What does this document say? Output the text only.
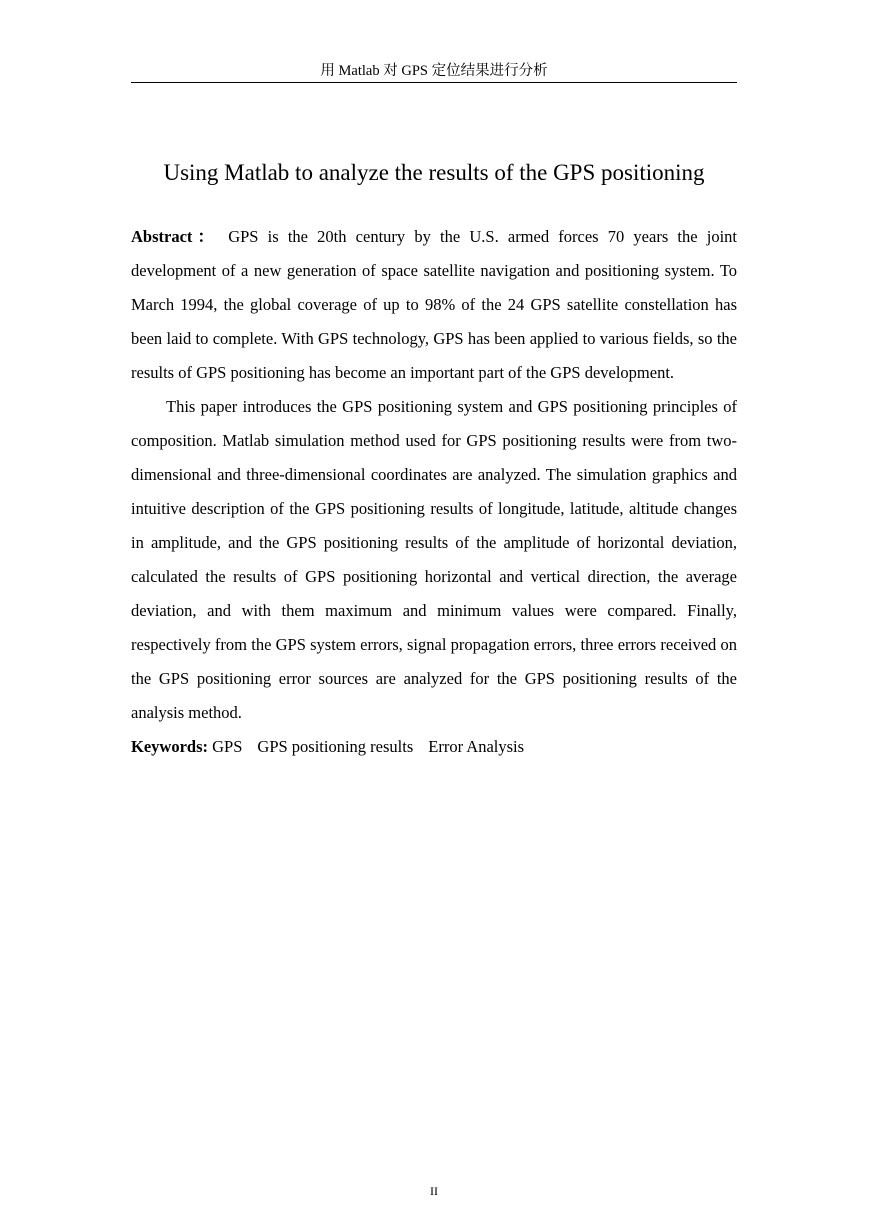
用 Matlab 对 GPS 定位结果进行分析
Using Matlab to analyze the results of the GPS positioning

Abstract： GPS is the 20th century by the U.S. armed forces 70 years the joint development of a new generation of space satellite navigation and positioning system. To March 1994, the global coverage of up to 98% of the 24 GPS satellite constellation has been laid to complete. With GPS technology, GPS has been applied to various fields, so the results of GPS positioning has become an important part of the GPS development.

This paper introduces the GPS positioning system and GPS positioning principles of composition. Matlab simulation method used for GPS positioning results were from two-dimensional and three-dimensional coordinates are analyzed. The simulation graphics and intuitive description of the GPS positioning results of longitude, latitude, altitude changes in amplitude, and the GPS positioning results of the amplitude of horizontal deviation, calculated the results of GPS positioning horizontal and vertical direction, the average deviation, and with them maximum and minimum values were compared. Finally, respectively from the GPS system errors, signal propagation errors, three errors received on the GPS positioning error sources are analyzed for the GPS positioning results of the analysis method.

Keywords: GPS GPS positioning results Error Analysis

II
